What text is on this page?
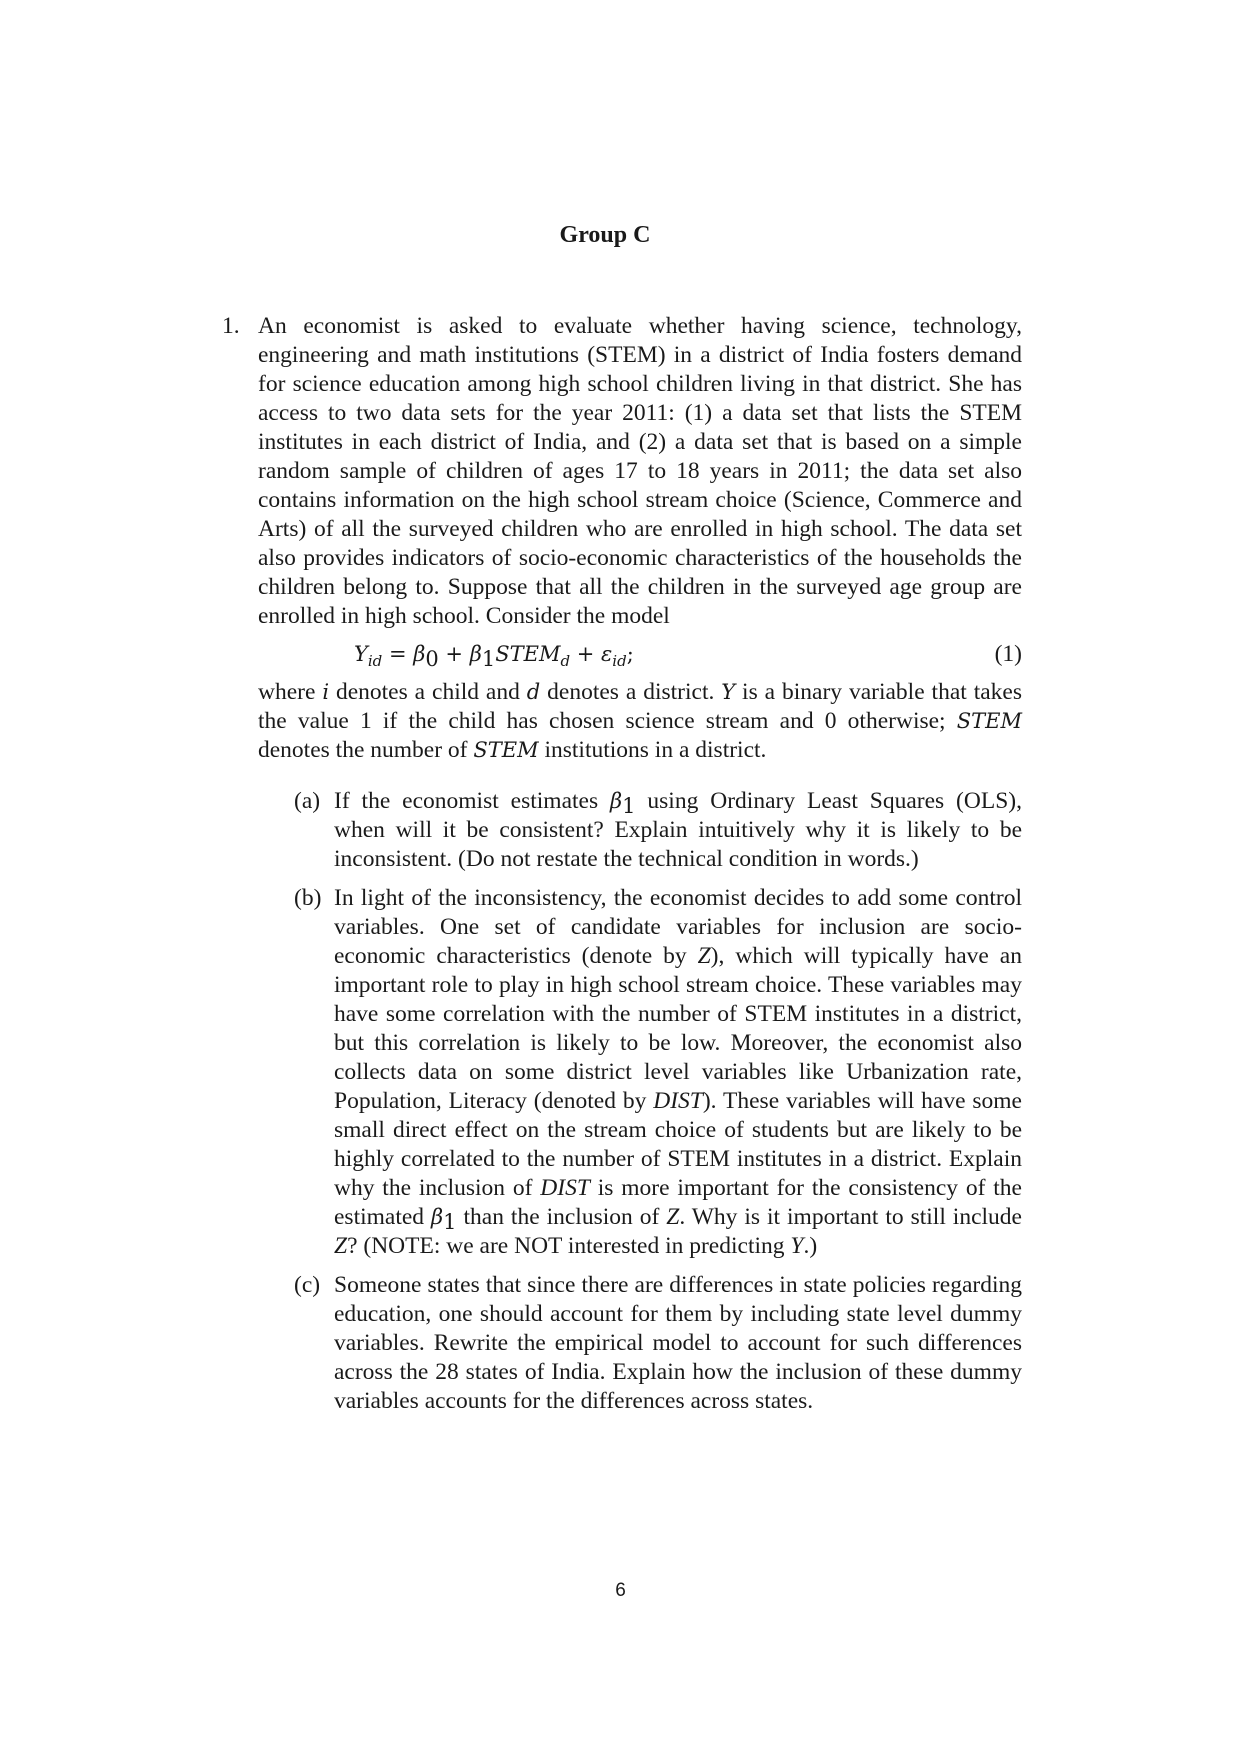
Group C
1. An economist is asked to evaluate whether having science, technology, engineering and math institutions (STEM) in a district of India fosters demand for science education among high school children living in that district. She has access to two data sets for the year 2011: (1) a data set that lists the STEM institutes in each district of India, and (2) a data set that is based on a simple random sample of children of ages 17 to 18 years in 2011; the data set also contains information on the high school stream choice (Science, Commerce and Arts) of all the surveyed children who are enrolled in high school. The data set also provides indicators of socio-economic characteristics of the households the children belong to. Suppose that all the children in the surveyed age group are enrolled in high school. Consider the model

$Y_{id} = \beta_0$ + $\beta_1STEM_d + \varepsilon_{id}$;	(1)

where i denotes a child and d denotes a district. Y is a binary variable that takes the value 1 if the child has chosen science stream and 0 otherwise; STEM denotes the number of STEM institutions in a district.

(a) If the economist estimates $\beta_1$ using Ordinary Least Squares (OLS), when will it be consistent? Explain intuitively why it is likely to be inconsistent. (Do not restate the technical condition in words.)

(b) In light of the inconsistency, the economist decides to add some control variables. One set of candidate variables for inclusion are socio-economic characteristics (denote by Z), which will typically have an important role to play in high school stream choice. These variables may have some correlation with the number of STEM institutes in a district, but this correlation is likely to be low. Moreover, the economist also collects data on some district level variables like Urbanization rate, Population, Literacy (denoted by DIST). These variables will have some small direct effect on the stream choice of students but are likely to be highly correlated to the number of STEM institutes in a district. Explain why the inclusion of DIST is more important for the consistency of the estimated $\beta_1$ than the inclusion of Z. Why is it important to still include Z? (NOTE: we are NOT interested in predicting Y.)

(c) Someone states that since there are differences in state policies regarding education, one should account for them by including state level dummy variables. Rewrite the empirical model to account for such differences across the 28 states of India. Explain how the inclusion of these dummy variables accounts for the differences across states.

6
